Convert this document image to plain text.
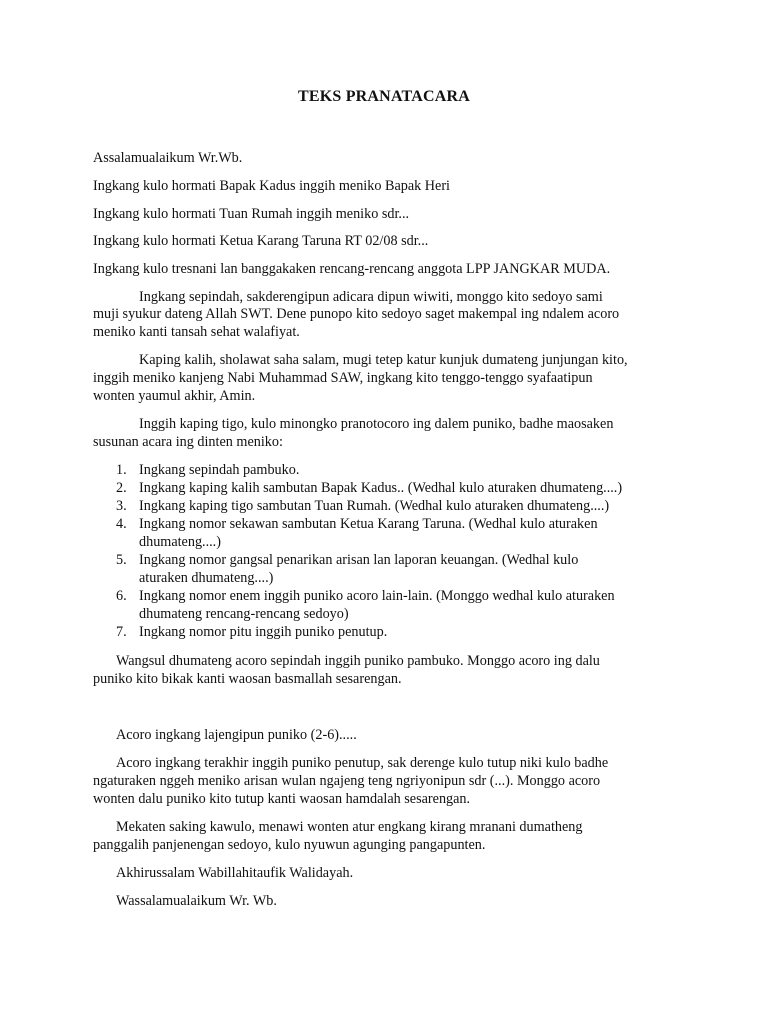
TEKS PRANATACARA
Assalamualaikum Wr.Wb.
Ingkang kulo hormati Bapak Kadus inggih meniko Bapak Heri
Ingkang kulo hormati Tuan Rumah inggih meniko sdr...
Ingkang kulo hormati Ketua Karang Taruna RT 02/08 sdr...
Ingkang kulo tresnani lan banggakaken rencang-rencang anggota LPP JANGKAR MUDA.
Ingkang sepindah, sakderengipun adicara dipun wiwiti, monggo kito sedoyo sami
muji syukur dateng Allah SWT. Dene punopo kito sedoyo saget makempal ing ndalem acoro
meniko kanti tansah sehat walafiyat.
Kaping kalih, sholawat saha salam, mugi tetep katur kunjuk dumateng junjungan kito,
inggih meniko kanjeng Nabi Muhammad SAW, ingkang kito tenggo-tenggo syafaatipun
wonten yaumul akhir, Amin.
Inggih kaping tigo, kulo minongko pranotocoro ing dalem puniko, badhe maosaken
susunan acara ing dinten meniko:
1. Ingkang sepindah pambuko.
2. Ingkang kaping kalih sambutan Bapak Kadus.. (Wedhal kulo aturaken dhumateng....)
3. Ingkang kaping tigo sambutan Tuan Rumah. (Wedhal kulo aturaken dhumateng....)
4. Ingkang nomor sekawan sambutan Ketua Karang Taruna. (Wedhal kulo aturaken
dhumateng....)
5. Ingkang nomor gangsal penarikan arisan lan laporan keuangan. (Wedhal kulo
aturaken dhumateng....)
6. Ingkang nomor enem inggih puniko acoro lain-lain. (Monggo wedhal kulo aturaken
dhumateng rencang-rencang sedoyo)
7. Ingkang nomor pitu inggih puniko penutup.
Wangsul dhumateng acoro sepindah inggih puniko pambuko. Monggo acoro ing dalu
puniko kito bikak kanti waosan basmallah sesarengan.
Acoro ingkang lajengipun puniko (2-6).....
Acoro ingkang terakhir inggih puniko penutup, sak derenge kulo tutup niki kulo badhe
ngaturaken nggeh meniko arisan wulan ngajeng teng ngriyonipun sdr (...). Monggo acoro
wonten dalu puniko kito tutup kanti waosan hamdalah sesarengan.
Mekaten saking kawulo, menawi wonten atur engkang kirang mranani dumatheng
panggalih panjenengan sedoyo, kulo nyuwun agunging pangapunten.
Akhirussalam Wabillahitaufik Walidayah.
Wassalamualaikum Wr. Wb.
